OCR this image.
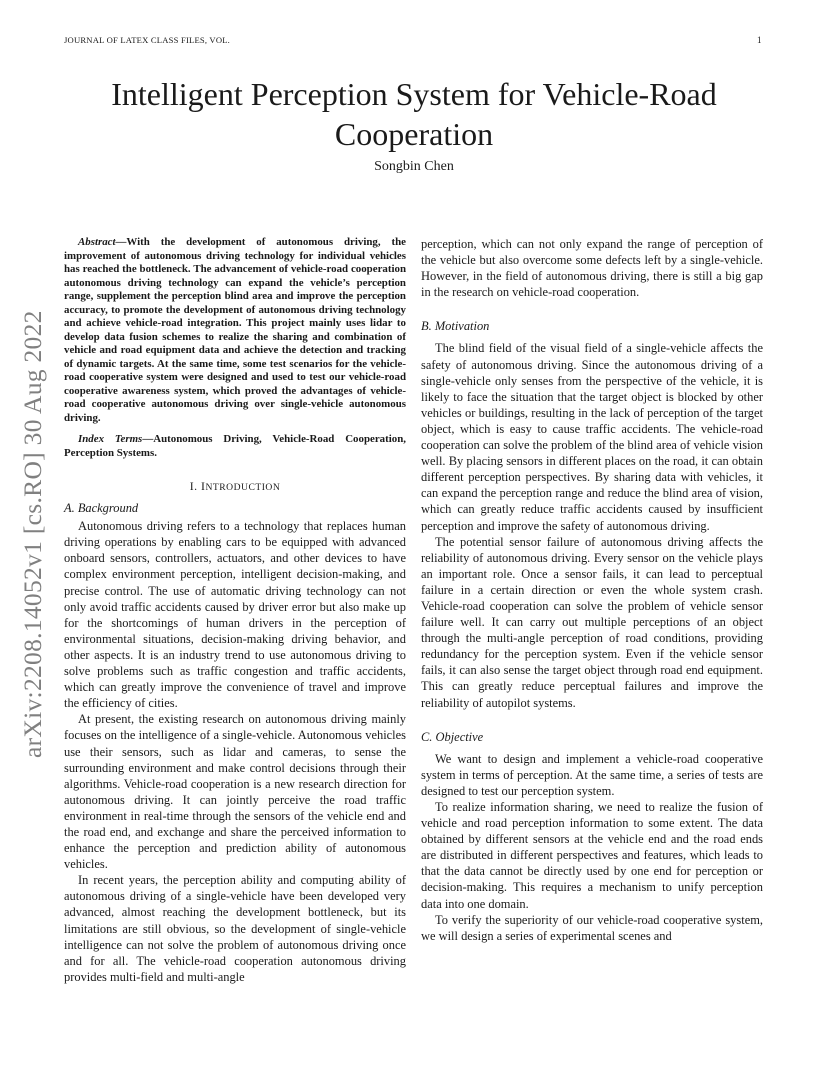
JOURNAL OF LATEX CLASS FILES, VOL.	1
arXiv:2208.14052v1 [cs.RO] 30 Aug 2022
Intelligent Perception System for Vehicle-Road Cooperation
Songbin Chen

Abstract—With the development of autonomous driving, the improvement of autonomous driving technology for individual vehicles has reached the bottleneck. The advancement of vehicle-road cooperation autonomous driving technology can expand the vehicle’s perception range, supplement the perception blind area and improve the perception accuracy, to promote the development of autonomous driving technology and achieve vehicle-road integration. This project mainly uses lidar to develop data fusion schemes to realize the sharing and combination of vehicle and road equipment data and achieve the detection and tracking of dynamic targets. At the same time, some test scenarios for the vehicle-road cooperative system were designed and used to test our vehicle-road cooperative awareness system, which proved the advantages of vehicle-road cooperative autonomous driving over single-vehicle autonomous driving.

Index Terms—Autonomous Driving, Vehicle-Road Cooperation, Perception Systems.

I. INTRODUCTION
A. Background

Autonomous driving refers to a technology that replaces human driving operations by enabling cars to be equipped with advanced onboard sensors, controllers, actuators, and other devices to have complex environment perception, intelligent decision-making, and precise control. The use of automatic driving technology can not only avoid traffic accidents caused by driver error but also make up for the shortcomings of human drivers in the perception of environmental situations, decision-making driving behavior, and other aspects. It is an industry trend to use autonomous driving to solve problems such as traffic congestion and traffic accidents, which can greatly improve the convenience of travel and improve the efficiency of cities.

At present, the existing research on autonomous driving mainly focuses on the intelligence of a single-vehicle. Autonomous vehicles use their sensors, such as lidar and cameras, to sense the surrounding environment and make control decisions through their algorithms. Vehicle-road cooperation is a new research direction for autonomous driving. It can jointly perceive the road traffic environment in real-time through the sensors of the vehicle end and the road end, and exchange and share the perceived information to enhance the perception and prediction ability of autonomous vehicles.

In recent years, the perception ability and computing ability of autonomous driving of a single-vehicle have been developed very advanced, almost reaching the development bottleneck, but its limitations are still obvious, so the development of single-vehicle intelligence can not solve the problem of autonomous driving once and for all. The vehicle-road cooperation autonomous driving provides multi-field and multi-angle

perception, which can not only expand the range of perception of the vehicle but also overcome some defects left by a single-vehicle. However, in the field of autonomous driving, there is still a big gap in the research on vehicle-road cooperation.

B. Motivation

The blind field of the visual field of a single-vehicle affects the safety of autonomous driving. Since the autonomous driving of a single-vehicle only senses from the perspective of the vehicle, it is likely to face the situation that the target object is blocked by other vehicles or buildings, resulting in the lack of perception of the target object, which is easy to cause traffic accidents. The vehicle-road cooperation can solve the problem of the blind area of vehicle vision well. By placing sensors in different places on the road, it can obtain different perception perspectives. By sharing data with vehicles, it can expand the perception range and reduce the blind area of vision, which can greatly reduce traffic accidents caused by insufficient perception and improve the safety of autonomous driving.

The potential sensor failure of autonomous driving affects the reliability of autonomous driving. Every sensor on the vehicle plays an important role. Once a sensor fails, it can lead to perceptual failure in a certain direction or even the whole system crash. Vehicle-road cooperation can solve the problem of vehicle sensor failure well. It can carry out multiple perceptions of an object through the multi-angle perception of road conditions, providing redundancy for the perception system. Even if the vehicle sensor fails, it can also sense the target object through road end equipment. This can greatly reduce perceptual failures and improve the reliability of autopilot systems.

C. Objective

We want to design and implement a vehicle-road cooperative system in terms of perception. At the same time, a series of tests are designed to test our perception system.

To realize information sharing, we need to realize the fusion of vehicle and road perception information to some extent. The data obtained by different sensors at the vehicle end and the road ends are distributed in different perspectives and features, which leads to that the data cannot be directly used by one end for perception or decision-making. This requires a mechanism to unify perception data into one domain.

To verify the superiority of our vehicle-road cooperative system, we will design a series of experimental scenes and
